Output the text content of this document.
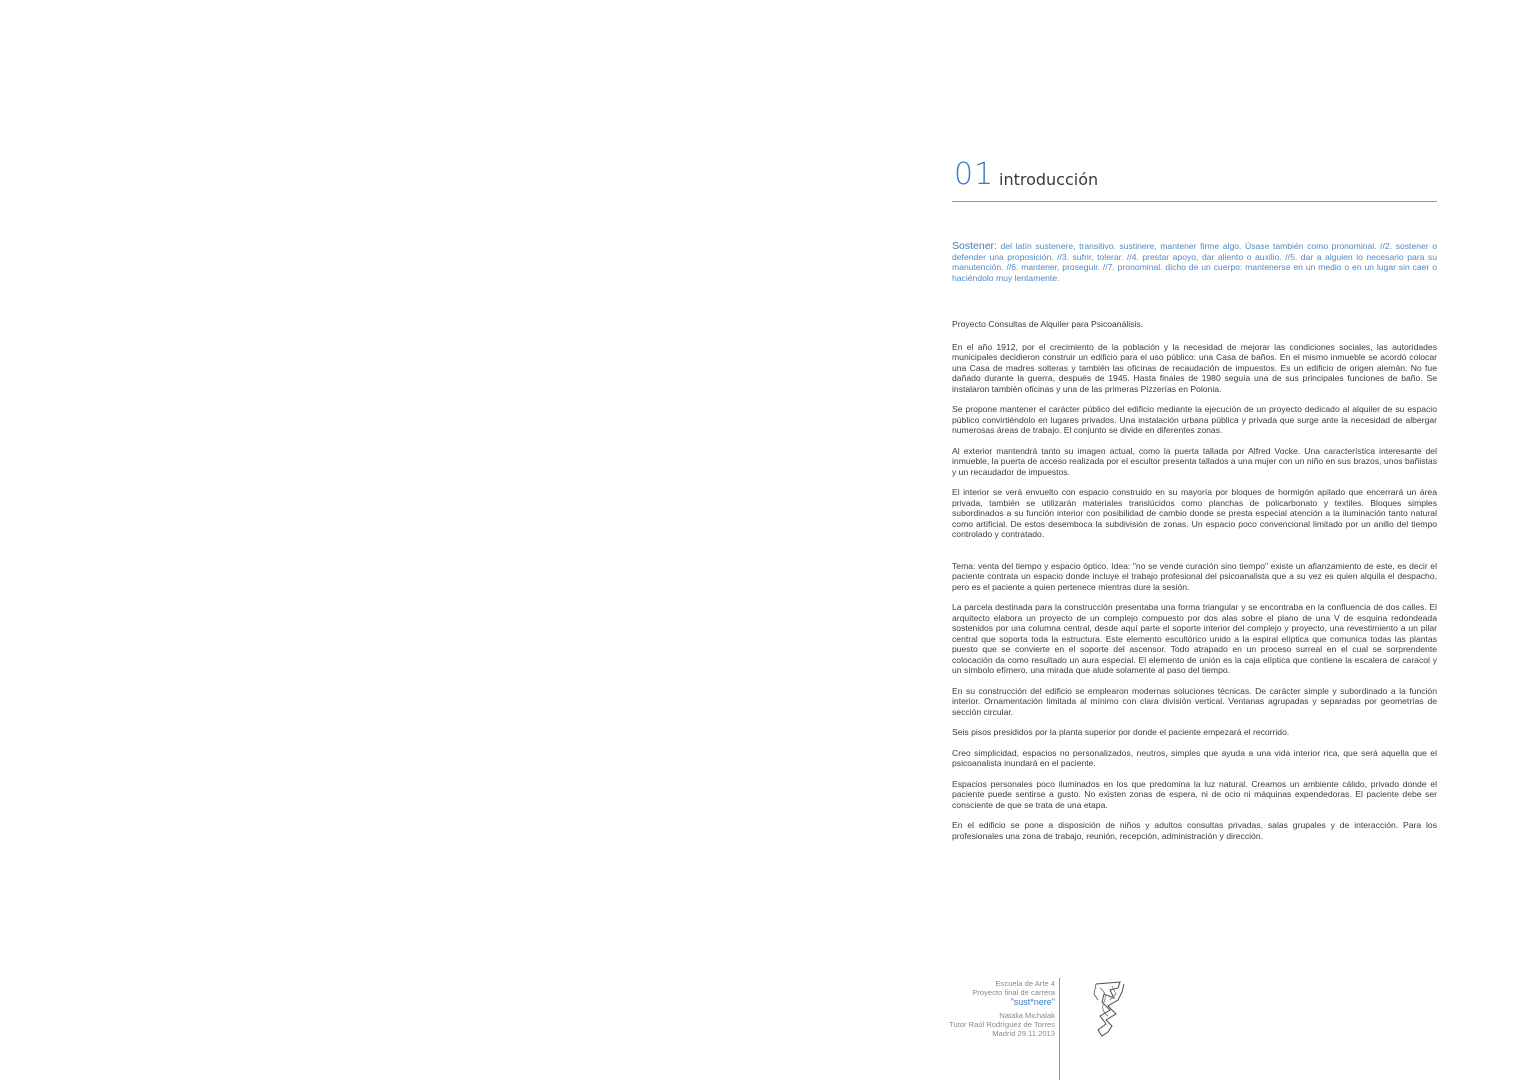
01 introducción
Sostener: del latín sustenere, transitivo. sustinere, mantener firme algo. Úsase también como pronominal. //2. sostener o defender una proposición. //3. sufrir, tolerar. //4. prestar apoyo, dar aliento o auxilio. //5. dar a alguien lo necesario para su manutención. //6. mantener, proseguir. //7. pronominal. dicho de un cuerpo: mantenerse en un medio o en un lugar sin caer o haciéndolo muy lentamente.

Proyecto Consultas de Alquiler para Psicoanálisis.

En el año 1912, por el crecimiento de la población y la necesidad de mejorar las condiciones sociales, las autoridades municipales decidieron construir un edificio para el uso público: una Casa de baños. En el mismo inmueble se acordó colocar una Casa de madres solteras y también las oficinas de recaudación de impuestos. Es un edificio de origen alemán. No fue dañado durante la guerra, después de 1945. Hasta finales de 1980 seguía una de sus principales funciones de baño. Se instalaron también oficinas y una de las primeras Pizzerías en Polonia.

Se propone mantener el carácter público del edificio mediante la ejecución de un proyecto dedicado al alquiler de su espacio público convirtiéndolo en lugares privados. Una instalación urbana pública y privada que surge ante la necesidad de albergar numerosas áreas de trabajo. El conjunto se divide en diferentes zonas.

Al exterior mantendrá tanto su imagen actual, como la puerta tallada por Alfred Vocke. Una característica interesante del inmueble, la puerta de acceso realizada por el escultor presenta tallados a una mujer con un niño en sus brazos, unos bañistas y un recaudador de impuestos.

El interior se verá envuelto con espacio construido en su mayoría por bloques de hormigón apilado que encerrará un área privada, también se utilizarán materiales translúcidos como planchas de policarbonato y textiles. Bloques simples subordinados a su función interior con posibilidad de cambio donde se presta especial atención a la iluminación tanto natural como artificial. De estos desemboca la subdivisión de zonas. Un espacio poco convencional limitado por un anillo del tiempo controlado y contratado.

Tema: venta del tiempo y espacio óptico. Idea: "no se vende curación sino tiempo" existe un afianzamiento de este, es decir el paciente contrata un espacio donde incluye el trabajo profesional del psicoanalista que a su vez es quien alquila el despacho, pero es el paciente a quien pertenece mientras dure la sesión.

La parcela destinada para la construcción presentaba una forma triangular y se encontraba en la confluencia de dos calles. El arquitecto elabora un proyecto de un complejo compuesto por dos alas sobre el plano de una V de esquina redondeada sostenidos por una columna central, desde aquí parte el soporte interior del complejo y proyecto, una revestimiento a un pilar central que soporta toda la estructura. Este elemento escultórico unido a la espiral elíptica que comunica todas las plantas puesto que se convierte en el soporte del ascensor. Todo atrapado en un proceso surreal en el cual se sorprendente colocación da como resultado un aura especial. El elemento de unión es la caja elíptica que contiene la escalera de caracol y un símbolo efímero, una mirada que alude solamente al paso del tiempo.

En su construcción del edificio se emplearon modernas soluciones técnicas. De carácter simple y subordinado a la función interior. Ornamentación limitada al mínimo con clara división vertical. Ventanas agrupadas y separadas por geometrías de sección circular.

Seis pisos presididos por la planta superior por donde el paciente empezará el recorrido.

Creo simplicidad, espacios no personalizados, neutros, simples que ayuda a una vida interior rica, que será aquella que el psicoanalista inundará en el paciente.

Espacios personales poco iluminados en los que predomina la luz natural. Creamos un ambiente cálido, privado donde el paciente puede sentirse a gusto. No existen zonas de espera, ni de ocio ni máquinas expendedoras. El paciente debe ser consciente de que se trata de una etapa.

En el edificio se pone a disposición de niños y adultos consultas privadas, salas grupales y de interacción. Para los profesionales una zona de trabajo, reunión, recepción, administración y dirección.

Escuela de Arte 4
Proyecto final de carrera
"sust*nere"
Natalia Michalak
Tutor Raúl Rodríguez de Torres
Madrid 29.11.2013
